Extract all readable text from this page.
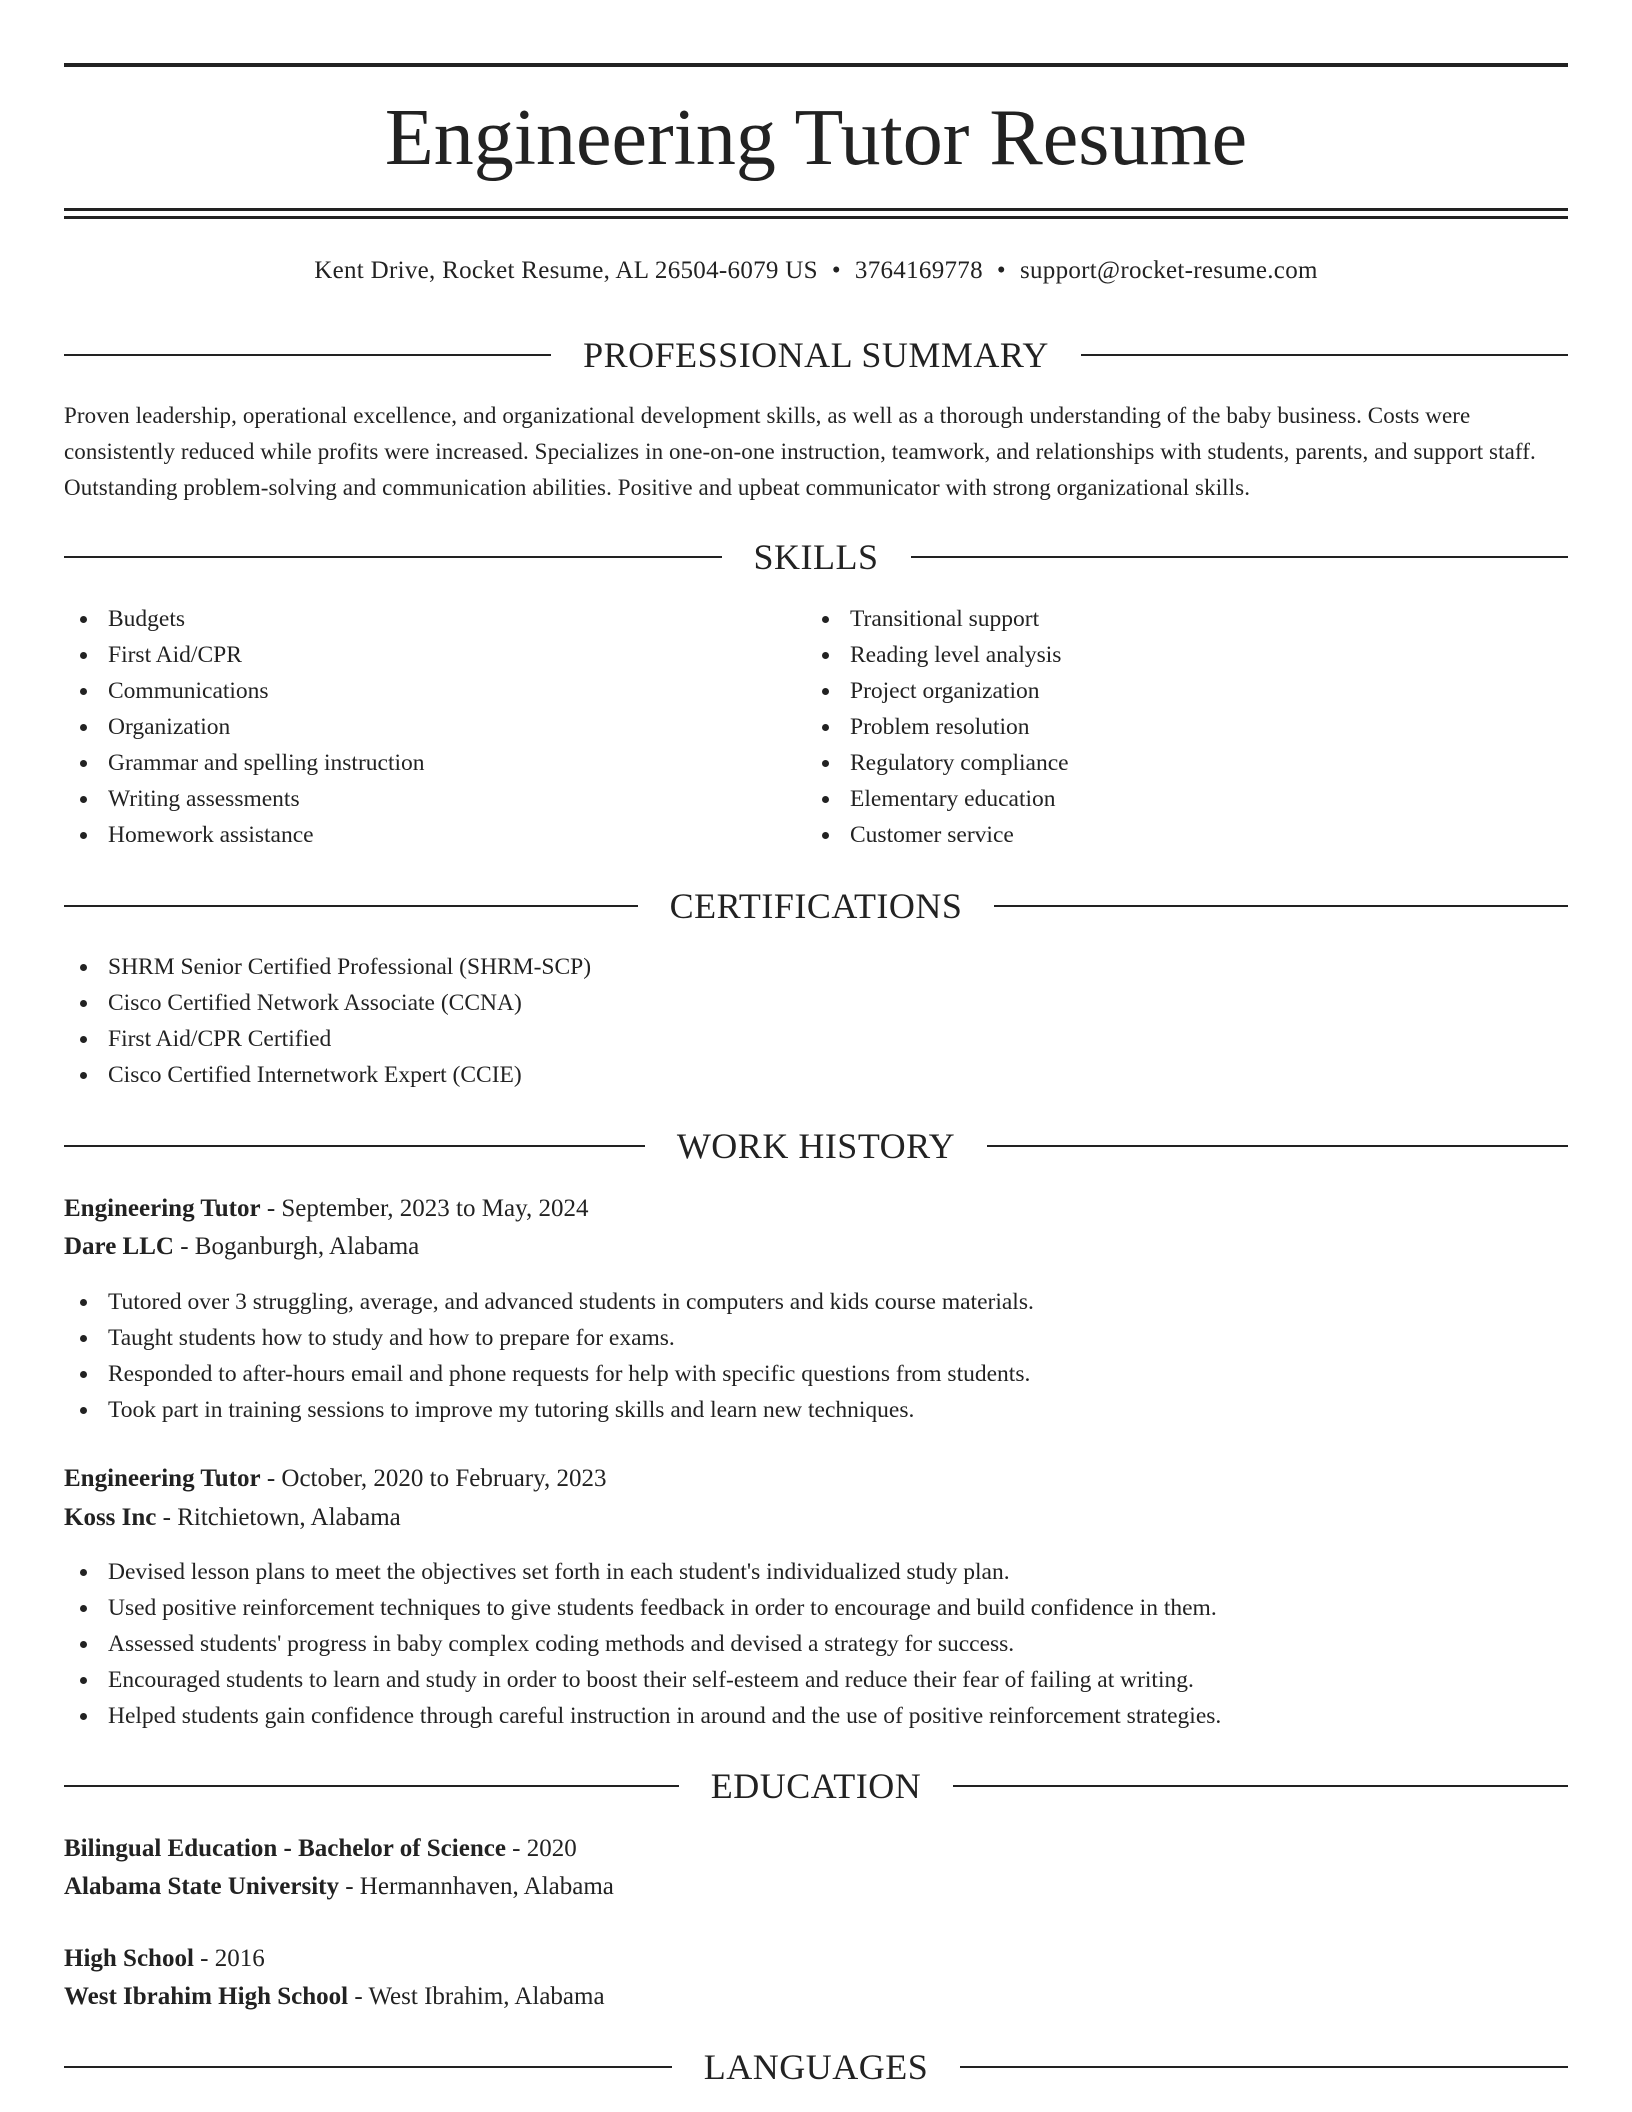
Engineering Tutor Resume
Kent Drive, Rocket Resume, AL 26504-6079 US • 3764169778 • support@rocket-resume.com
PROFESSIONAL SUMMARY
Proven leadership, operational excellence, and organizational development skills, as well as a thorough understanding of the baby business. Costs were consistently reduced while profits were increased. Specializes in one-on-one instruction, teamwork, and relationships with students, parents, and support staff. Outstanding problem-solving and communication abilities. Positive and upbeat communicator with strong organizational skills.
SKILLS
Budgets
First Aid/CPR
Communications
Organization
Grammar and spelling instruction
Writing assessments
Homework assistance
Transitional support
Reading level analysis
Project organization
Problem resolution
Regulatory compliance
Elementary education
Customer service
CERTIFICATIONS
SHRM Senior Certified Professional (SHRM-SCP)
Cisco Certified Network Associate (CCNA)
First Aid/CPR Certified
Cisco Certified Internetwork Expert (CCIE)
WORK HISTORY
Engineering Tutor - September, 2023 to May, 2024
Dare LLC - Boganburgh, Alabama
Tutored over 3 struggling, average, and advanced students in computers and kids course materials.
Taught students how to study and how to prepare for exams.
Responded to after-hours email and phone requests for help with specific questions from students.
Took part in training sessions to improve my tutoring skills and learn new techniques.
Engineering Tutor - October, 2020 to February, 2023
Koss Inc - Ritchietown, Alabama
Devised lesson plans to meet the objectives set forth in each student's individualized study plan.
Used positive reinforcement techniques to give students feedback in order to encourage and build confidence in them.
Assessed students' progress in baby complex coding methods and devised a strategy for success.
Encouraged students to learn and study in order to boost their self-esteem and reduce their fear of failing at writing.
Helped students gain confidence through careful instruction in around and the use of positive reinforcement strategies.
EDUCATION
Bilingual Education - Bachelor of Science - 2020
Alabama State University - Hermannhaven, Alabama
High School - 2016
West Ibrahim High School - West Ibrahim, Alabama
LANGUAGES
